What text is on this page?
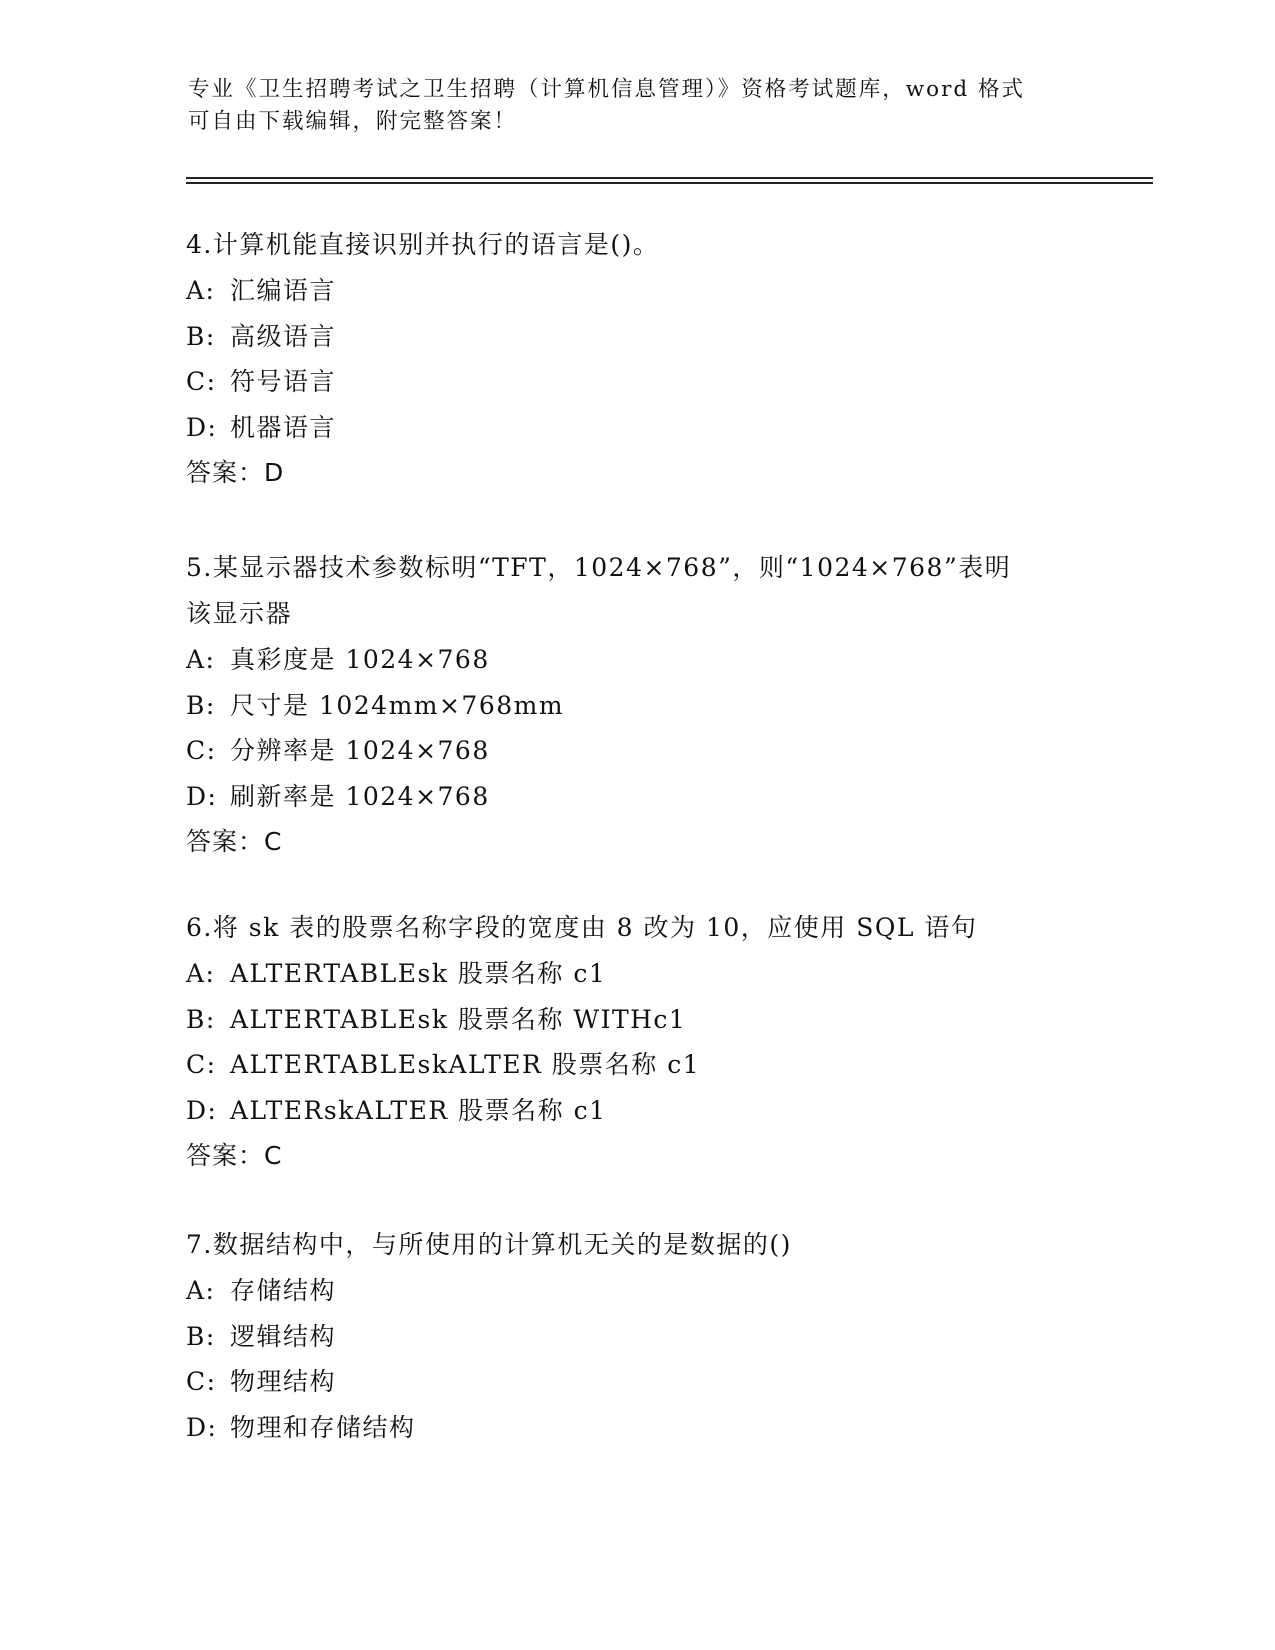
专业《卫生招聘考试之卫生招聘（计算机信息管理）》资格考试题库，word 格式
可自由下载编辑，附完整答案！
4.计算机能直接识别并执行的语言是()。
A: 汇编语言
B: 高级语言
C: 符号语言
D: 机器语言
答案：D
5.某显示器技术参数标明“TFT，1024×768”，则“1024×768”表明
该显示器
A: 真彩度是 1024×768
B: 尺寸是 1024mm×768mm
C: 分辨率是 1024×768
D: 刷新率是 1024×768
答案：C
6.将 sk 表的股票名称字段的宽度由 8 改为 10，应使用 SQL 语句
A: ALTERTABLEsk 股票名称 c1
B: ALTERTABLEsk 股票名称 WITHc1
C: ALTERTABLEskALTER 股票名称 c1
D: ALTERskALTER 股票名称 c1
答案：C
7.数据结构中，与所使用的计算机无关的是数据的()
A: 存储结构
B: 逻辑结构
C: 物理结构
D: 物理和存储结构
